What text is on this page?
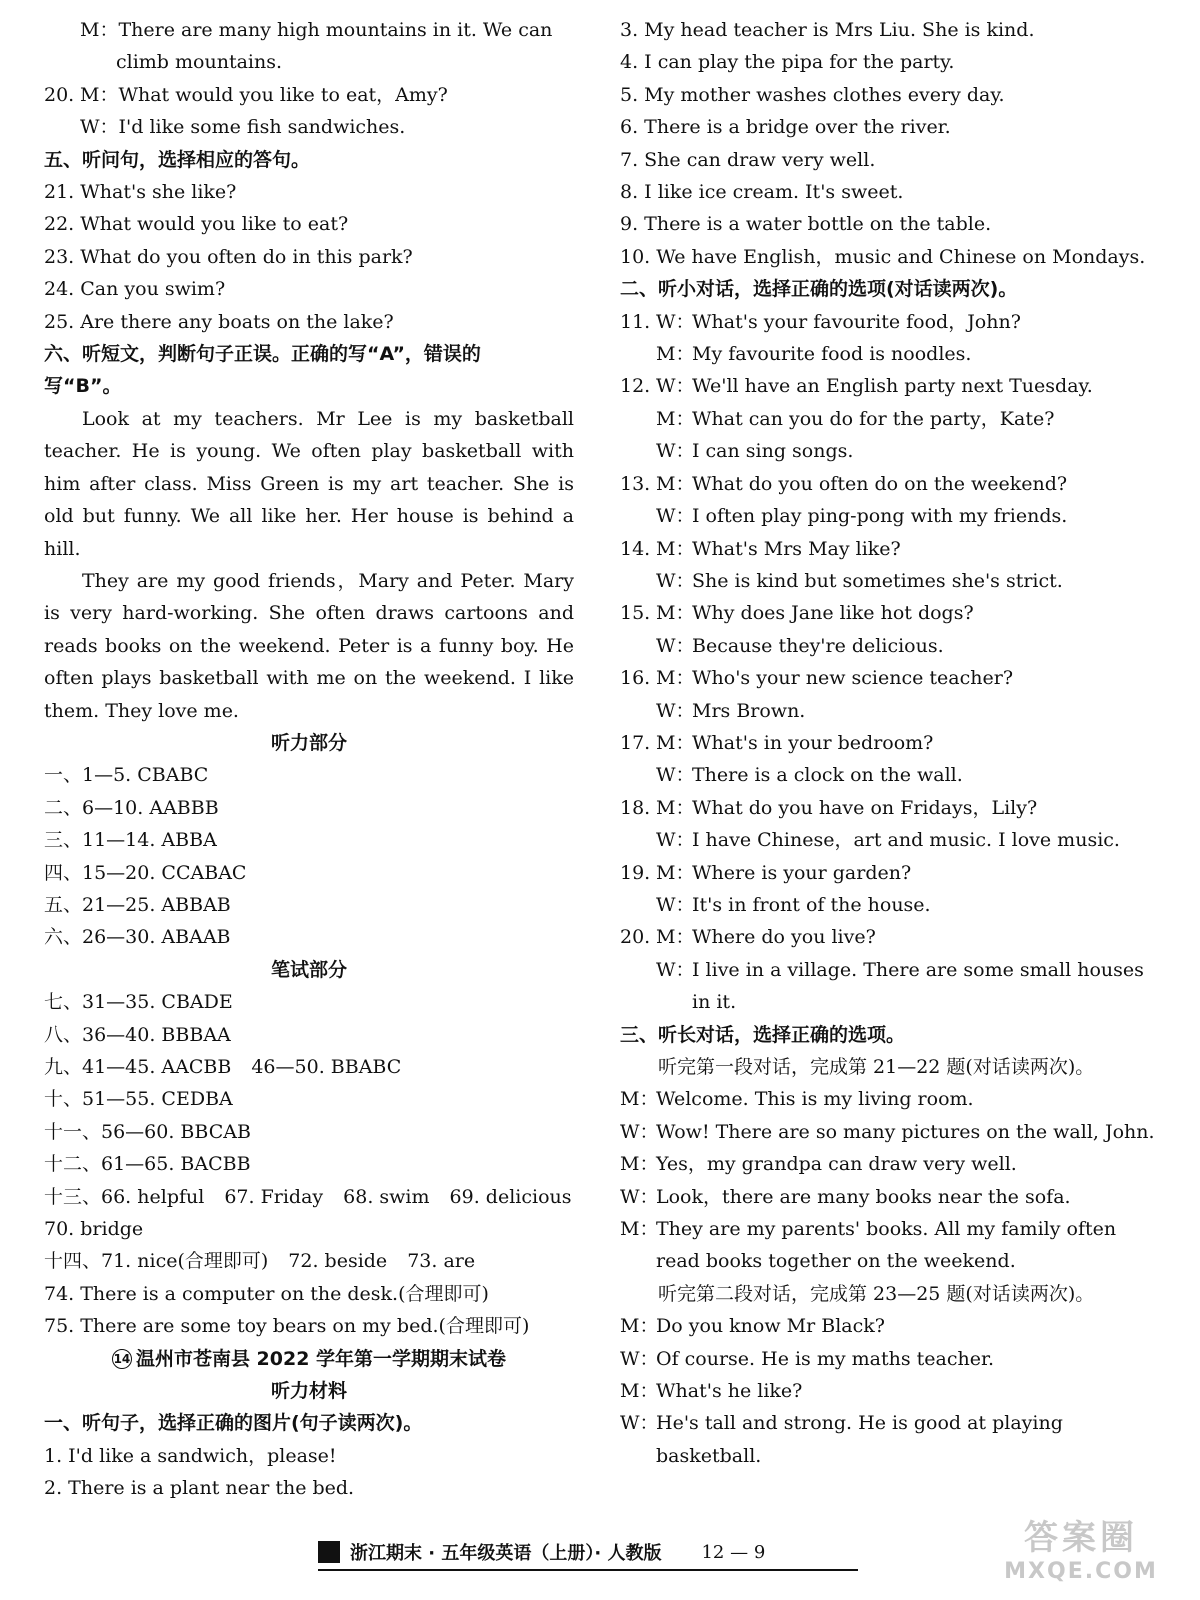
M：There are many high mountains in it. We can
climb mountains.
20. M：What would you like to eat，Amy?
W：I'd like some fish sandwiches.
五、听问句，选择相应的答句。
21. What's she like?
22. What would you like to eat?
23. What do you often do in this park?
24. Can you swim?
25. Are there any boats on the lake?
六、听短文，判断句子正误。正确的写“A”，错误的
写“B”。

Look at my teachers. Mr Lee is my basketball teacher. He is young. We often play basketball with him after class. Miss Green is my art teacher. She is old but funny. We all like her. Her house is behind a hill.

They are my good friends，Mary and Peter. Mary is very hard-working. She often draws cartoons and reads books on the weekend. Peter is a funny boy. He often plays basketball with me on the weekend. I like them. They love me.

听力部分
一、1—5. CBABC
二、6—10. AABBB
三、11—14. ABBA
四、15—20. CCABAC
五、21—25. ABBAB
六、26—30. ABAAB
笔试部分
七、31—35. CBADE
八、36—40. BBBAA
九、41—45. AACBB 46—50. BBABC
十、51—55. CEDBA
十一、56—60. BBCAB
十二、61—65. BACBB
十三、66. helpful 67. Friday 68. swim 69. delicious
70. bridge
十四、71. nice(合理即可) 72. beside 73. are
74. There is a computer on the desk.(合理即可)
75. There are some toy bears on my bed.(合理即可)
14 温州市苍南县 2022 学年第一学期期末试卷
听力材料
一、听句子，选择正确的图片(句子读两次)。
1. I'd like a sandwich，please!
2. There is a plant near the bed.
3. My head teacher is Mrs Liu. She is kind.
4. I can play the pipa for the party.
5. My mother washes clothes every day.
6. There is a bridge over the river.
7. She can draw very well.
8. I like ice cream. It's sweet.
9. There is a water bottle on the table.
10. We have English，music and Chinese on Mondays.
二、听小对话，选择正确的选项(对话读两次)。
11. W：
What's your favourite food，John?
M：
My favourite food is noodles.
12. W：
We'll have an English party next Tuesday.
M：
What can you do for the party，Kate?
W：
I can sing songs.
13. M：
What do you often do on the weekend?
W：
I often play ping-pong with my friends.
14. M：
What's Mrs May like?
W：
She is kind but sometimes she's strict.
15. M：
Why does Jane like hot dogs?
W：
Because they're delicious.
16. M：
Who's your new science teacher?
W：
Mrs Brown.
17. M：
What's in your bedroom?
W：
There is a clock on the wall.
18. M：
What do you have on Fridays，Lily?
W：
I have Chinese，art and music. I love music.
19. M：
Where is your garden?
W：
It's in front of the house.
20. M：
Where do you live?
W：
I live in a village. There are some small houses in it.
三、听长对话，选择正确的选项。
听完第一段对话，完成第 21—22 题(对话读两次)。
M：
Welcome. This is my living room.
W：
Wow! There are so many pictures on the wall, John.
M：
Yes，my grandpa can draw very well.
W：
Look，there are many books near the sofa.
M：
They are my parents' books. All my family often read books together on the weekend.
听完第二段对话，完成第 23—25 题(对话读两次)。
M：
Do you know Mr Black?
W：
Of course. He is my maths teacher.
M：
What's he like?
W：
He's tall and strong. He is good at playing basketball.
浙江期末 · 五年级英语（上册）· 人教版 12 — 9	答案圈
MXQE.COM
